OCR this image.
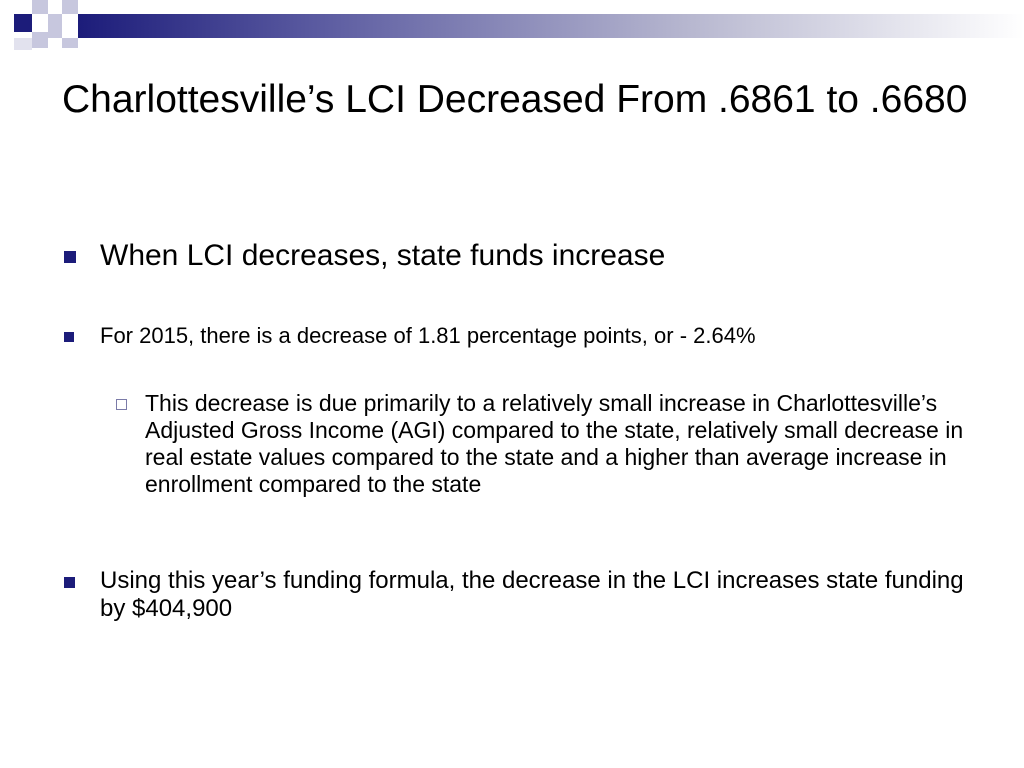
Charlottesville’s LCI Decreased From .6861 to .6680

When LCI decreases, state funds increase

For 2015, there is a decrease of 1.81 percentage points, or - 2.64%

This decrease is due primarily to a relatively small increase in Charlottesville’s Adjusted Gross Income (AGI) compared to the state, relatively small decrease in real estate values compared to the state and a higher than average increase in enrollment compared to the state

Using this year’s funding formula, the decrease in the LCI increases state funding by $404,900
